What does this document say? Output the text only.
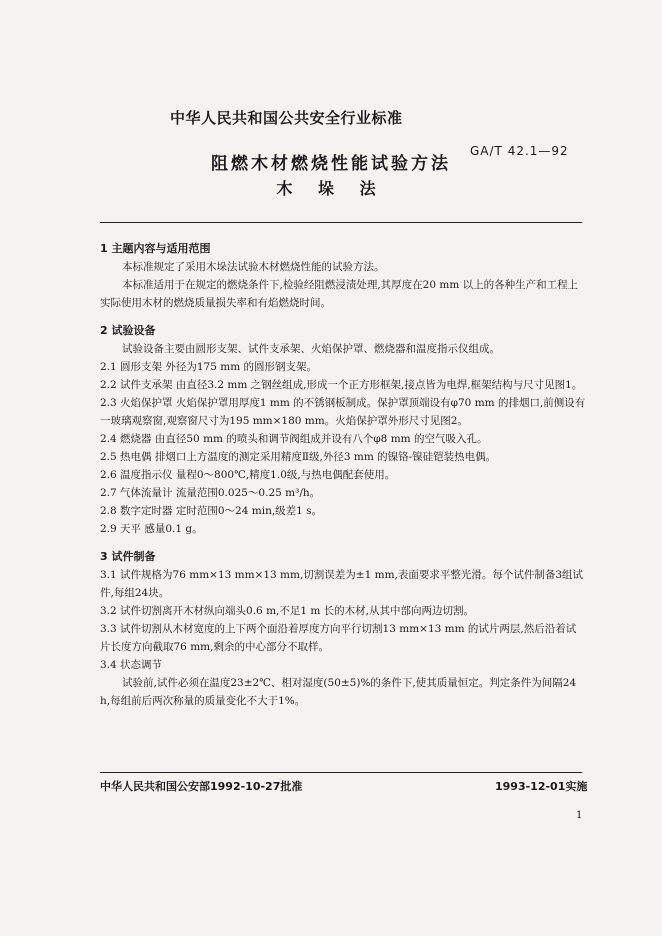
中华人民共和国公共安全行业标准
GA/T 42.1—92
阻燃木材燃烧性能试验方法
木 垛 法
1 主题内容与适用范围
本标准规定了采用木垛法试验木材燃烧性能的试验方法。
本标准适用于在规定的燃烧条件下,检验经阻燃浸渍处理,其厚度在20 mm 以上的各种生产和工程上实际使用木材的燃烧质量损失率和有焰燃烧时间。
2 试验设备
试验设备主要由圆形支架、试件支承架、火焰保护罩、燃烧器和温度指示仪组成。
2.1 圆形支架 外径为175 mm 的圆形钢支架。
2.2 试件支承架 由直径3.2 mm 之钢丝组成,形成一个正方形框架,接点皆为电焊,框架结构与尺寸见图1。
2.3 火焰保护罩 火焰保护罩用厚度1 mm 的不锈钢板制成。保护罩顶端设有φ70 mm 的排烟口,前侧设有一玻璃观察窗,观察窗尺寸为195 mm×180 mm。火焰保护罩外形尺寸见图2。
2.4 燃烧器 由直径50 mm 的喷头和调节阀组成并设有八个φ8 mm 的空气吸入孔。
2.5 热电偶 排烟口上方温度的测定采用精度Ⅱ级,外径3 mm 的镍铬-镍硅铠装热电偶。
2.6 温度指示仪 量程0～800℃,精度1.0级,与热电偶配套使用。
2.7 气体流量计 流量范围0.025～0.25 m³/h。
2.8 数字定时器 定时范围0～24 min,级差1 s。
2.9 天平 感量0.1 g。
3 试件制备
3.1 试件规格为76 mm×13 mm×13 mm,切割误差为±1 mm,表面要求平整光滑。每个试件制备3组试件,每组24块。
3.2 试件切割离开木材纵向端头0.6 m,不足1 m 长的木材,从其中部向两边切割。
3.3 试件切割从木材宽度的上下两个面沿着厚度方向平行切割13 mm×13 mm 的试片两层,然后沿着试片长度方向截取76 mm,剩余的中心部分不取样。
3.4 状态调节
试验前,试件必须在温度23±2℃、相对湿度(50±5)%的条件下,使其质量恒定。判定条件为间隔24 h,每组前后两次称量的质量变化不大于1%。
中华人民共和国公安部1992-10-27批准	1993-12-01实施
1
